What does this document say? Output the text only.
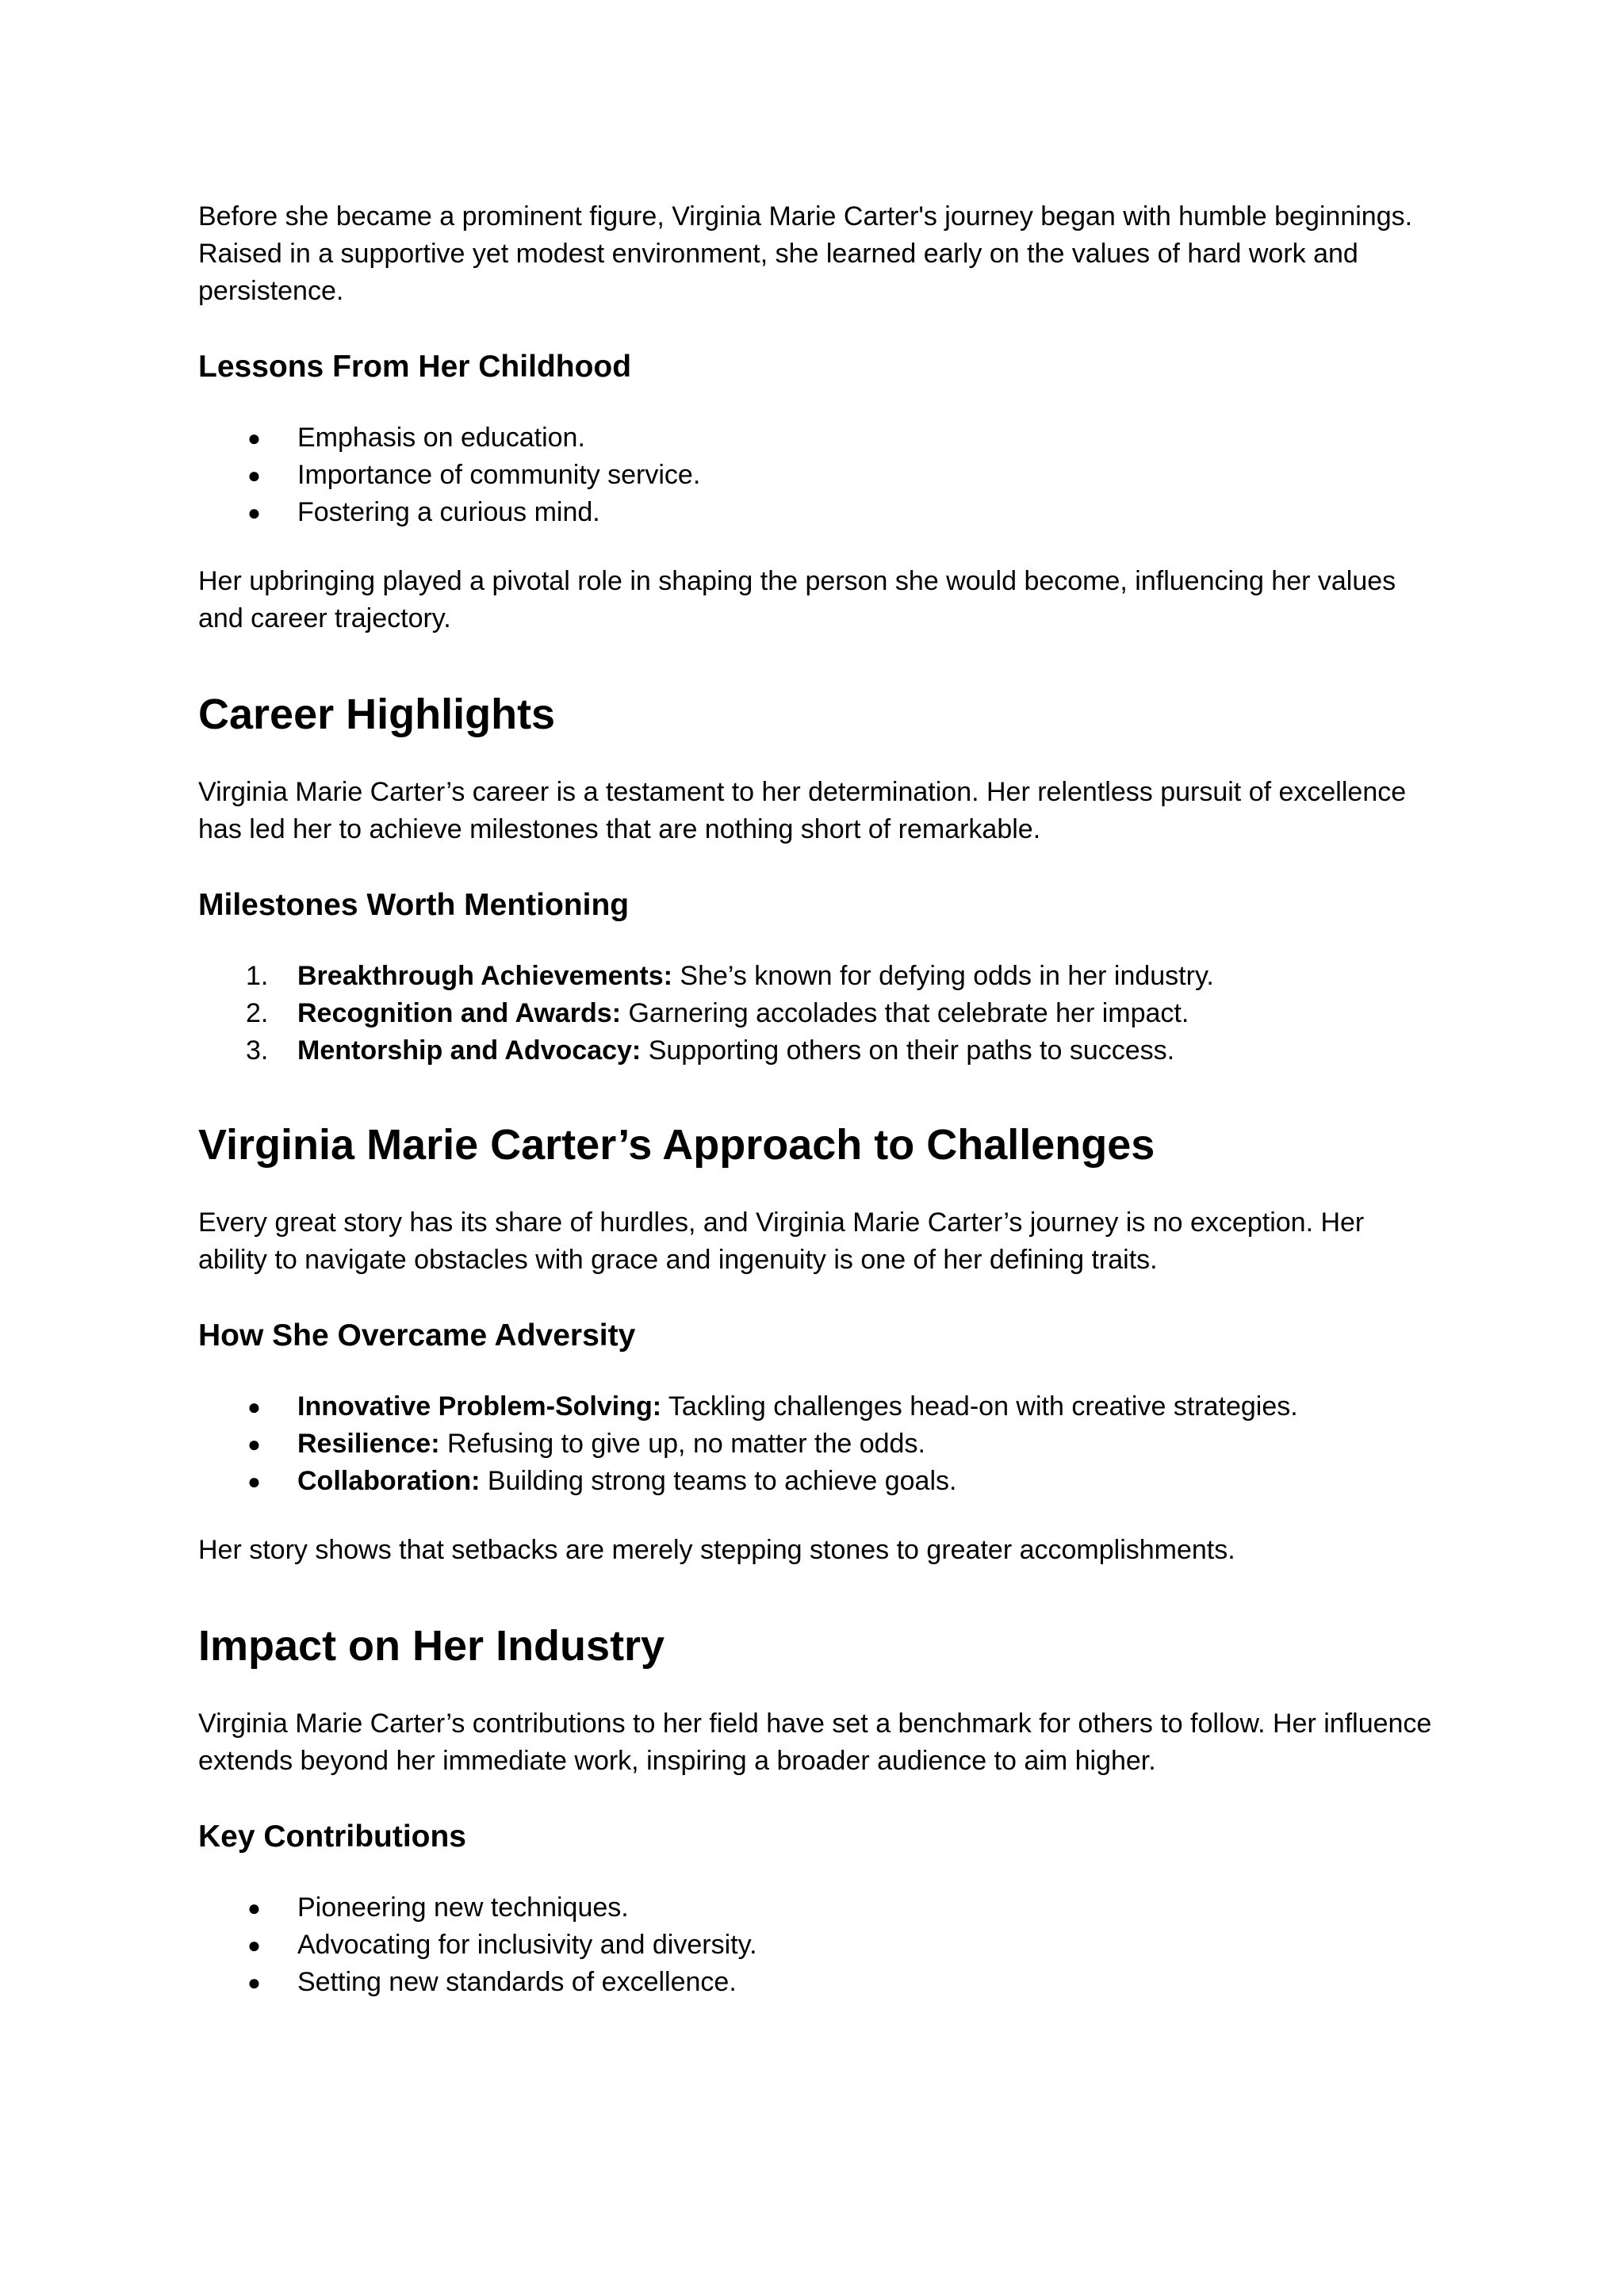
Before she became a prominent figure, Virginia Marie Carter's journey began with humble beginnings. Raised in a supportive yet modest environment, she learned early on the values of hard work and persistence.

Lessons From Her Childhood
● Emphasis on education.
● Importance of community service.
● Fostering a curious mind.

Her upbringing played a pivotal role in shaping the person she would become, influencing her values and career trajectory.

Career Highlights

Virginia Marie Carter’s career is a testament to her determination. Her relentless pursuit of excellence has led her to achieve milestones that are nothing short of remarkable.

Milestones Worth Mentioning
1. Breakthrough Achievements: She’s known for defying odds in her industry.
2. Recognition and Awards: Garnering accolades that celebrate her impact.
3. Mentorship and Advocacy: Supporting others on their paths to success.
Virginia Marie Carter’s Approach to Challenges

Every great story has its share of hurdles, and Virginia Marie Carter’s journey is no exception. Her ability to navigate obstacles with grace and ingenuity is one of her defining traits.

How She Overcame Adversity
● Innovative Problem-Solving: Tackling challenges head-on with creative strategies.
● Resilience: Refusing to give up, no matter the odds.
● Collaboration: Building strong teams to achieve goals.

Her story shows that setbacks are merely stepping stones to greater accomplishments.

Impact on Her Industry

Virginia Marie Carter’s contributions to her field have set a benchmark for others to follow. Her influence extends beyond her immediate work, inspiring a broader audience to aim higher.

Key Contributions
● Pioneering new techniques.
● Advocating for inclusivity and diversity.
● Setting new standards of excellence.
